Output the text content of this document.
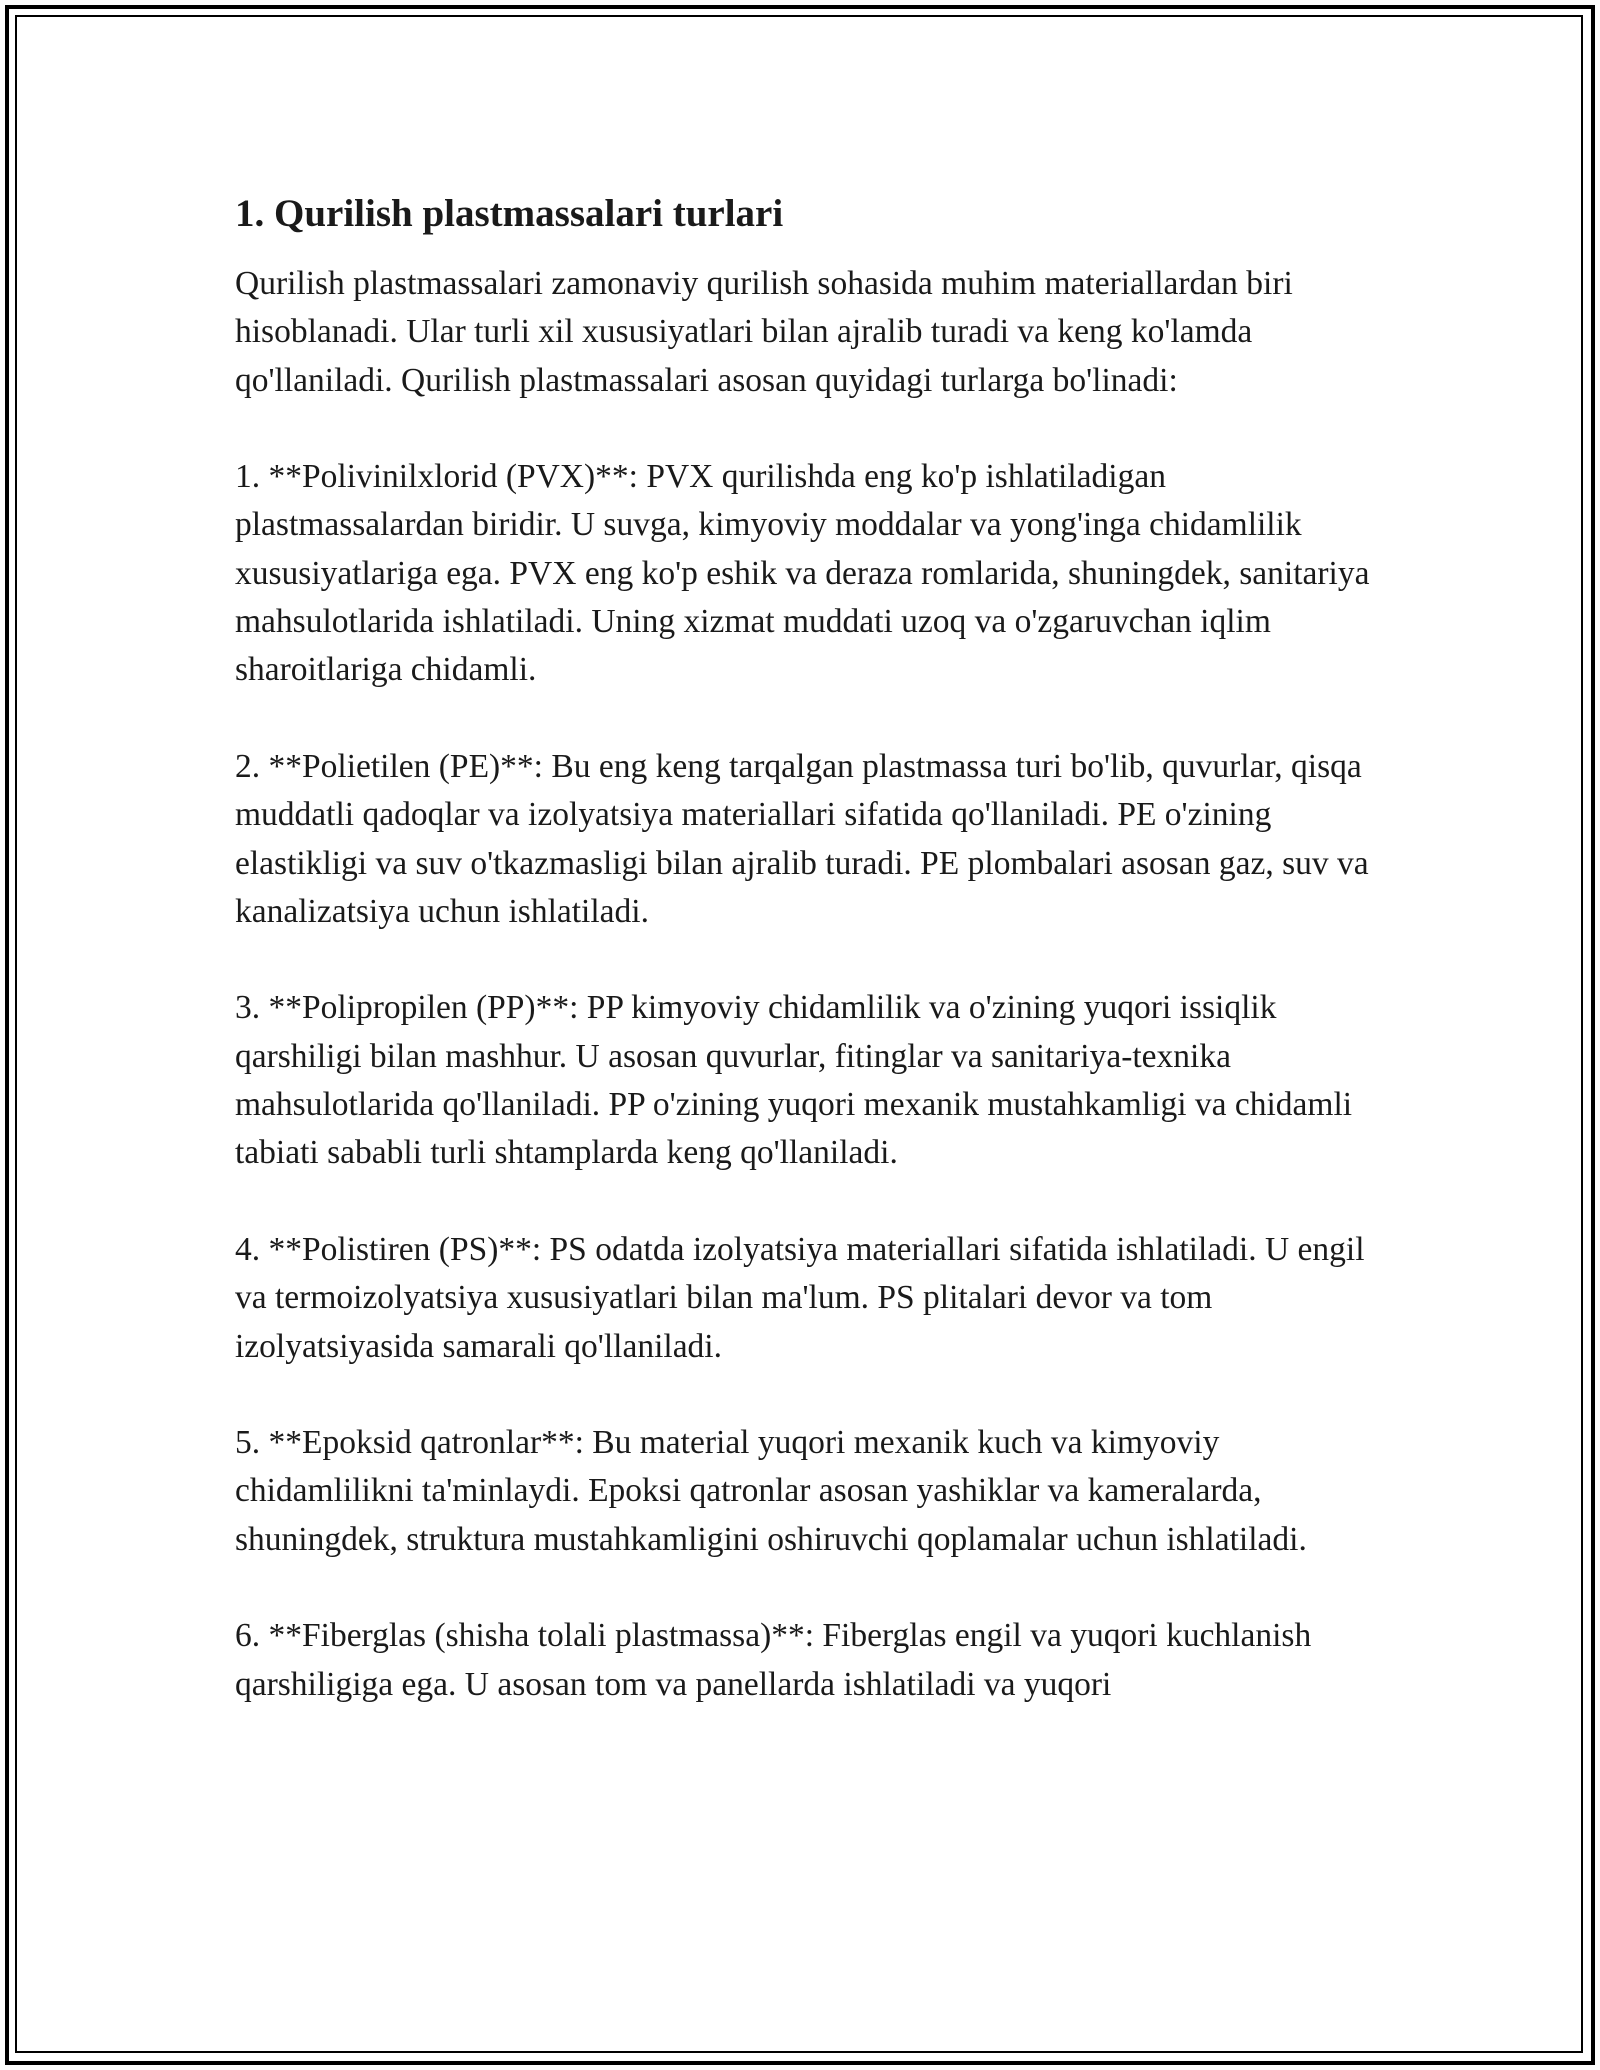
1. Qurilish plastmassalari turlari

Qurilish plastmassalari zamonaviy qurilish sohasida muhim materiallardan biri hisoblanadi. Ular turli xil xususiyatlari bilan ajralib turadi va keng ko'lamda qo'llaniladi. Qurilish plastmassalari asosan quyidagi turlarga bo'linadi:

1. **Polivinilxlorid (PVX)**: PVX qurilishda eng ko'p ishlatiladigan plastmassalardan biridir. U suvga, kimyoviy moddalar va yong'inga chidamlilik xususiyatlariga ega. PVX eng ko'p eshik va deraza romlarida, shuningdek, sanitariya mahsulotlarida ishlatiladi. Uning xizmat muddati uzoq va o'zgaruvchan iqlim sharoitlariga chidamli.

2. **Polietilen (PE)**: Bu eng keng tarqalgan plastmassa turi bo'lib, quvurlar, qisqa muddatli qadoqlar va izolyatsiya materiallari sifatida qo'llaniladi. PE o'zining elastikligi va suv o'tkazmasligi bilan ajralib turadi. PE plombalari asosan gaz, suv va kanalizatsiya uchun ishlatiladi.

3. **Polipropilen (PP)**: PP kimyoviy chidamlilik va o'zining yuqori issiqlik qarshiligi bilan mashhur. U asosan quvurlar, fitinglar va sanitariya-texnika mahsulotlarida qo'llaniladi. PP o'zining yuqori mexanik mustahkamligi va chidamli tabiati sababli turli shtamplarda keng qo'llaniladi.

4. **Polistiren (PS)**: PS odatda izolyatsiya materiallari sifatida ishlatiladi. U engil va termoizolyatsiya xususiyatlari bilan ma'lum. PS plitalari devor va tom izolyatsiyasida samarali qo'llaniladi.

5. **Epoksid qatronlar**: Bu material yuqori mexanik kuch va kimyoviy chidamlilikni ta'minlaydi. Epoksi qatronlar asosan yashiklar va kameralarda, shuningdek, struktura mustahkamligini oshiruvchi qoplamalar uchun ishlatiladi.

6. **Fiberglas (shisha tolali plastmassa)**: Fiberglas engil va yuqori kuchlanish qarshiligiga ega. U asosan tom va panellarda ishlatiladi va yuqori
